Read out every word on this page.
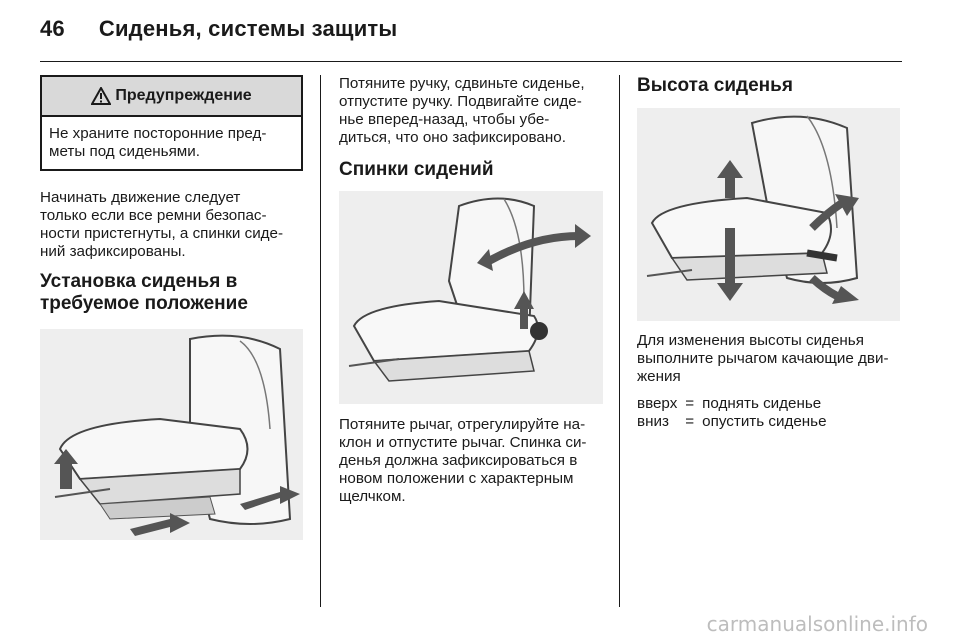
46 Сиденья, системы защиты
Предупреждение
Не храните посторонние пред-
меты под сиденьями.

Начинать движение следует
только если все ремни безопас-
ности пристегнуты, а спинки сиде-
ний зафиксированы.

Установка сиденья в
требуемое положение

Потяните ручку, сдвиньте сиденье,
отпустите ручку. Подвигайте сиде-
нье вперед-назад, чтобы убе-
диться, что оно зафиксировано.

Спинки сидений

Потяните рычаг, отрегулируйте на-
клон и отпустите рычаг. Спинка си-
денья должна зафиксироваться в
новом положении с характерным
щелчком.

Высота сиденья

Для изменения высоты сиденья
выполните рычагом качающие дви-
жения

вверх = поднять сиденье
вниз	= опустить сиденье
carmanualsonline.info
